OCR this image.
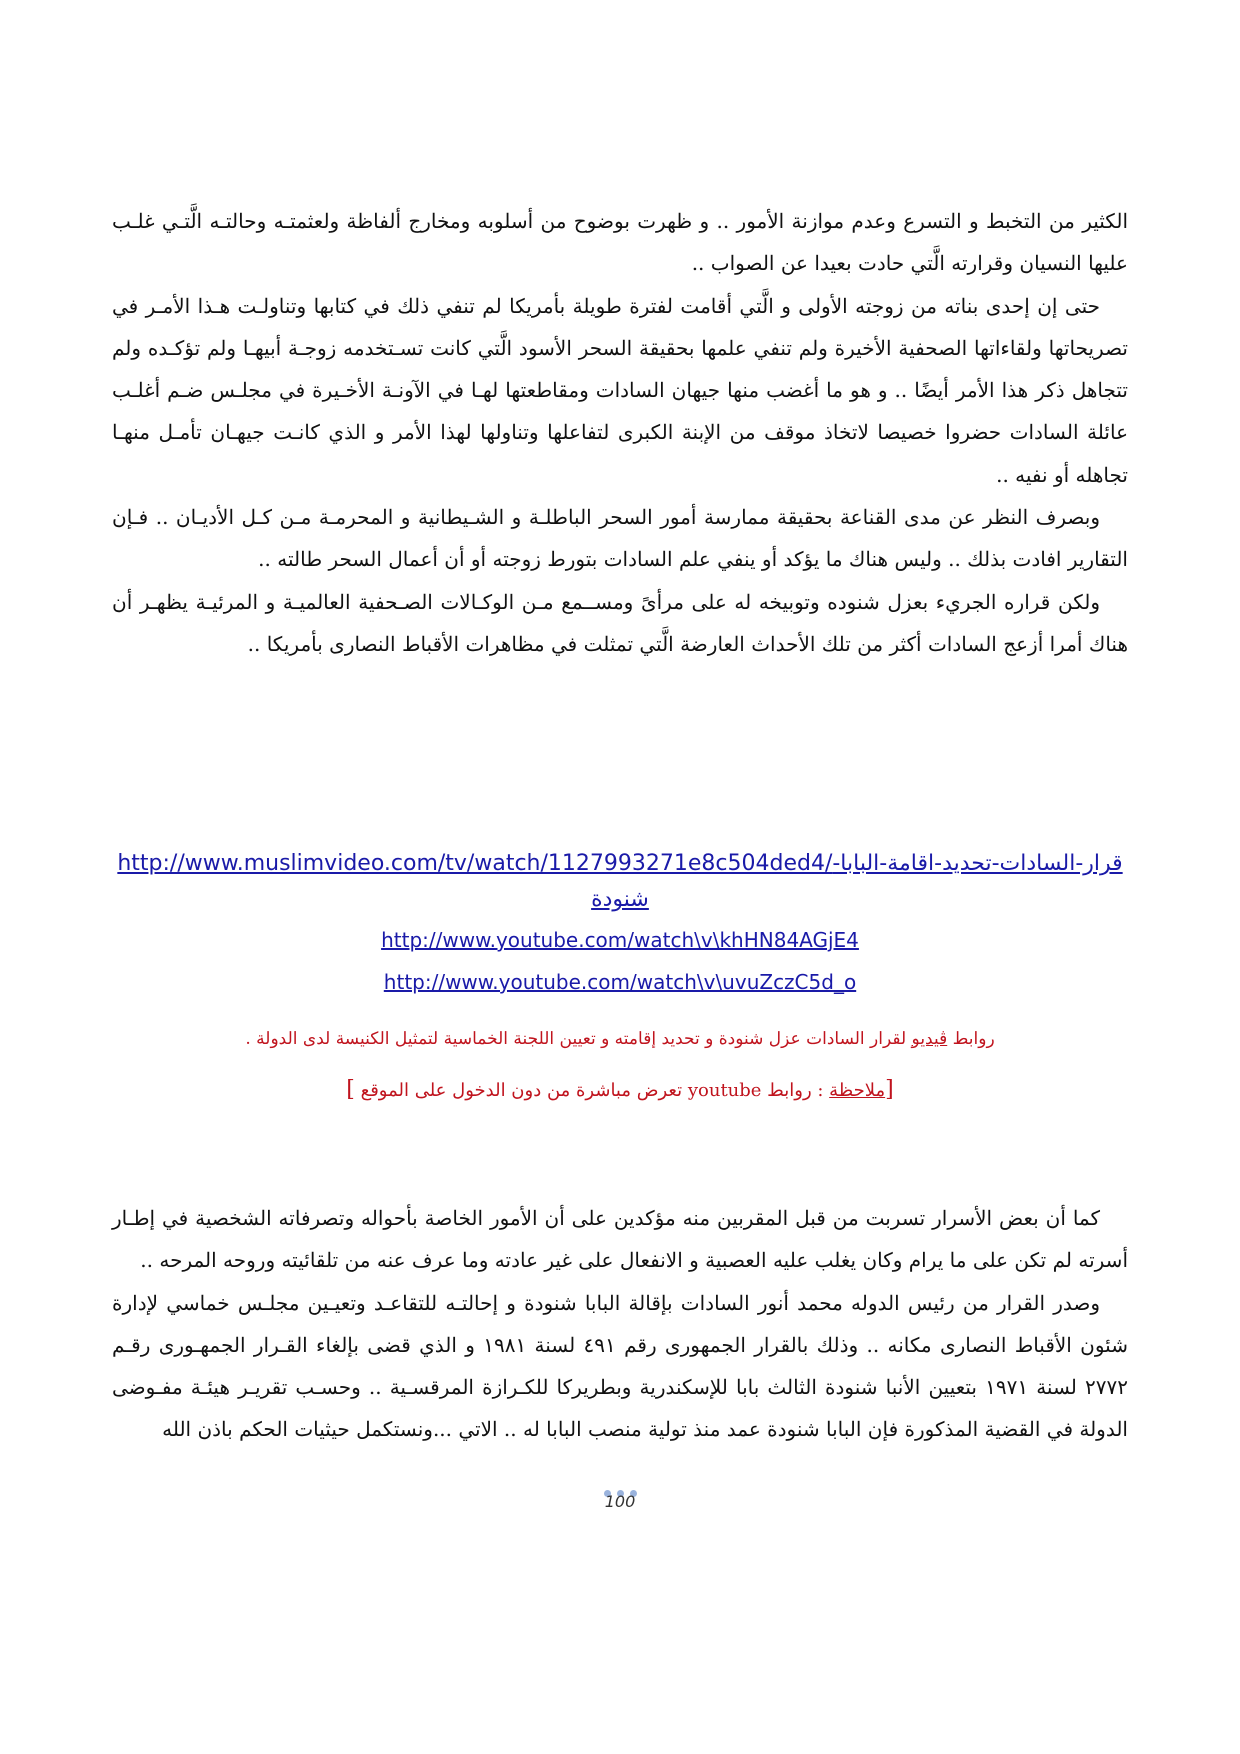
الكثير من التخبط و التسرع وعدم موازنة الأمور .. و ظهرت بوضوح من أسلوبه ومخارج ألفاظة ولعثمتـه وحالتـه الَّتـي غلـب عليها النسيان وقرارته الَّتي حادت بعيدا عن الصواب ..

حتى إن إحدى بناته من زوجته الأولى و الَّتي أقامت لفترة طويلة بأمريكا لم تنفي ذلك في كتابها وتناولـت هـذا الأمـر في تصريحاتها ولقاءاتها الصحفية الأخيرة ولم تنفي علمها بحقيقة السحر الأسود الَّتي كانت تسـتخدمه زوجـة أبيهـا ولم تؤكـده ولم تتجاهل ذكر هذا الأمر أيضًا .. و هو ما أغضب منها جيهان السادات ومقاطعتها لهـا في الآونـة الأخـيرة في مجلـس ضـم أغلـب عائلة السادات حضروا خصيصا لاتخاذ موقف من الإبنة الكبرى لتفاعلها وتناولها لهذا الأمر و الذي كانـت جيهـان تأمـل منهـا تجاهله أو نفيه ..

وبصرف النظر عن مدى القناعة بحقيقة ممارسة أمور السحر الباطلـة و الشـيطانية و المحرمـة مـن كـل الأديـان .. فـإن التقارير افادت بذلك .. وليس هناك ما يؤكد أو ينفي علم السادات بتورط زوجته أو أن أعمال السحر طالته ..

ولكن قراره الجريء بعزل شنوده وتوبيخه له على مرأىً ومســمع مـن الوكـالات الصـحفية العالميـة و المرئيـة يظهـر أن هناك أمرا أزعج السادات أكثر من تلك الأحداث العارضة الَّتي تمثلت في مظاهرات الأقباط النصارى بأمريكا ..

http://www.muslimvideo.com/tv/watch/1127993271e8c504ded4/قرار-السادات-تحديد-اقامة-البابا-شنودة
http://www.youtube.com/watch\v\khHN84AGjE4
http://www.youtube.com/watch\v\uvuZczC5d_o
روابط ڤيديو لقرار السادات عزل شنودة و تحديد إقامته و تعيين اللجنة الخماسية لتمثيل الكنيسة لدى الدولة .
[ملاحظة : روابط youtube تعرض مباشرة من دون الدخول على الموقع ]

كما أن بعض الأسرار تسربت من قبل المقربين منه مؤكدين على أن الأمور الخاصة بأحواله وتصرفاته الشخصية في إطـار أسرته لم تكن على ما يرام وكان يغلب عليه العصبية و الانفعال على غير عادته وما عرف عنه من تلقائيته وروحه المرحه ..

وصدر القرار من رئيس الدوله محمد أنور السادات بإقالة البابا شنودة و إحالتـه للتقاعـد وتعيـين مجلـس خماسي لإدارة شئون الأقباط النصارى مكانه .. وذلك بالقرار الجمهورى رقم ٤٩١ لسنة ١٩٨١ و الذي قضى بإلغاء القـرار الجمهـورى رقـم ٢٧٧٢ لسنة ١٩٧١ بتعيين الأنبا شنودة الثالث بابا للإسكندرية وبطريركا للكـرازة المرقسـية .. وحسـب تقريـر هيئـة مفـوضى الدولة في القضية المذكورة فإن البابا شنودة عمد منذ تولية منصب البابا له .. الاتي ...ونستكمل حيثيات الحكم باذن الله

100
